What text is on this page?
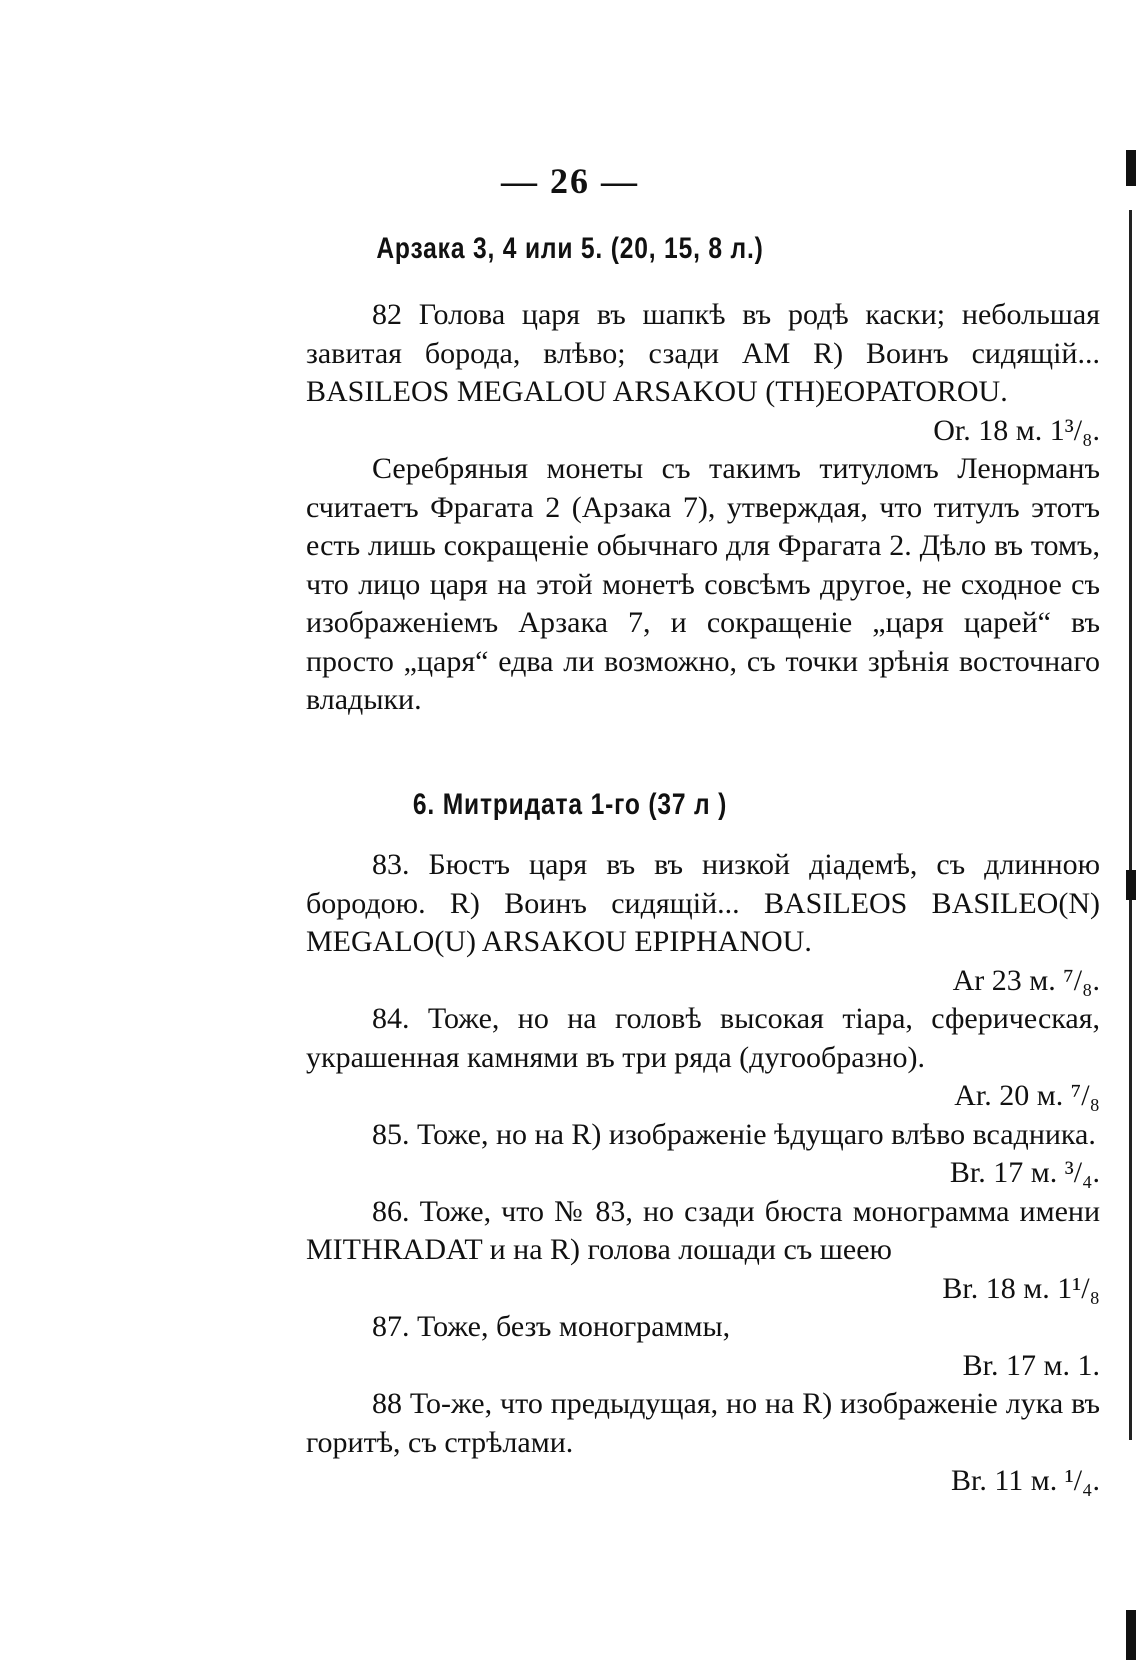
— 26 —
Арзака 3, 4 или 5. (20, 15, 8 л.)

82 Голова царя въ шапкѣ въ родѣ каски; небольшая завитая борода, влѣво; сзади AM R) Воинъ сидящій... BASILEOS MEGALOU ARSAKOU (TH)EOPATOROU.
Or. 18 м. 1³/₈.

Серебряныя монеты съ такимъ титуломъ Ленорманъ считаетъ Фрагата 2 (Арзака 7), утверждая, что титулъ этотъ есть лишь сокращеніе обычнаго для Фрагата 2. Дѣло въ томъ, что лицо царя на этой монетѣ совсѣмъ другое, не сходное съ изображеніемъ Арзака 7, и сокращеніе „царя царей“ въ просто „царя“ едва ли возможно, съ точки зрѣнія восточнаго владыки.

6. Митридата 1-го (37 л )

83. Бюстъ царя въ въ низкой діадемѣ, съ длинною бородою. R) Воинъ сидящій... BASILEOS BASILEO(N) MEGALO(U) ARSAKOU EPIPHANOU.
Ar 23 м. ⁷/₈.

84. Тоже, но на головѣ высокая тіара, сферическая, украшенная камнями въ три ряда (дугообразно).
Ar. 20 м. ⁷/₈

85. Тоже, но на R) изображеніе ѣдущаго влѣво всадника.
Br. 17 м. ³/₄.

86. Тоже, что № 83, но сзади бюста монограмма имени MITHRADAT и на R) голова лошади съ шеею
Br. 18 м. 1¹/₈

87. Тоже, безъ монограммы,
Br. 17 м. 1.

88 То-же, что предыдущая, но на R) изображеніе лука въ горитѣ, съ стрѣлами.
Br. 11 м. ¹/₄.
